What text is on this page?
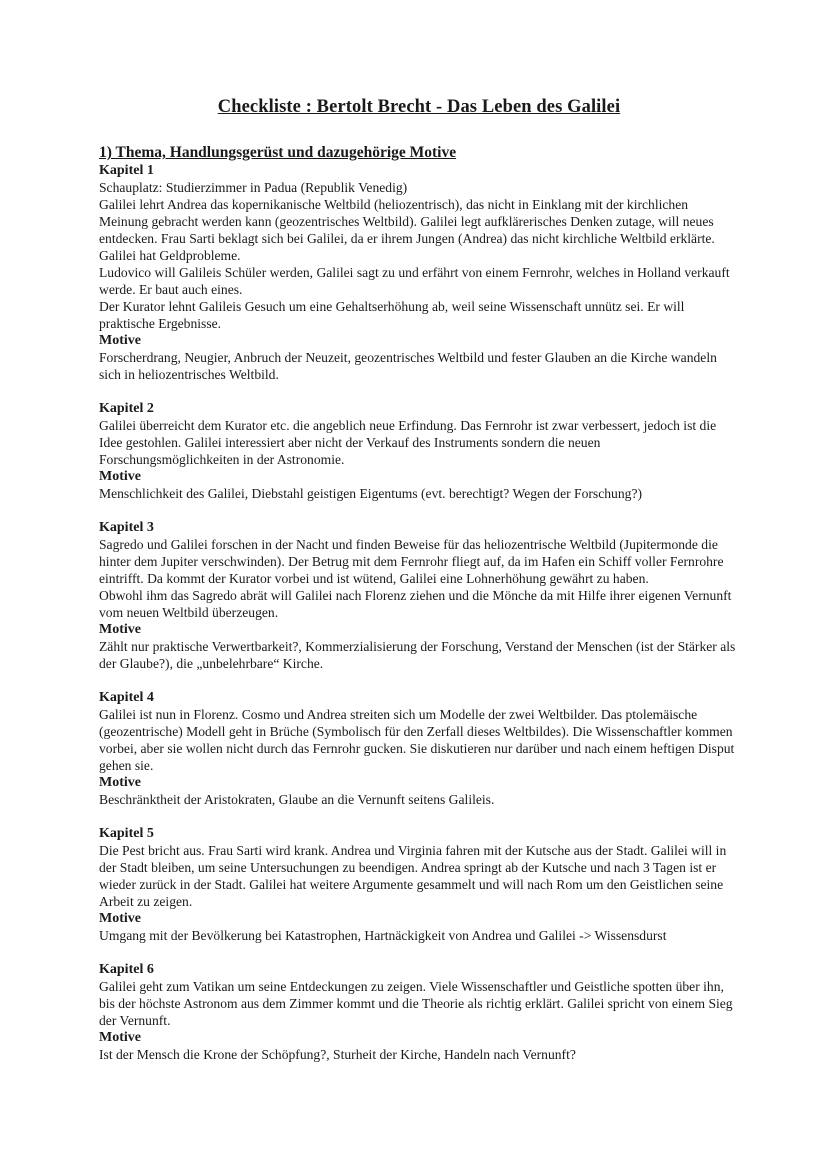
Checkliste : Bertolt Brecht - Das Leben des Galilei
1) Thema, Handlungsgerüst und dazugehörige Motive
Kapitel 1

Schauplatz: Studierzimmer in Padua (Republik Venedig)

Galilei lehrt Andrea das kopernikanische Weltbild (heliozentrisch), das nicht in Einklang mit der kirchlichen Meinung gebracht werden kann (geozentrisches Weltbild). Galilei legt aufklärerisches Denken zutage, will neues entdecken. Frau Sarti beklagt sich bei Galilei, da er ihrem Jungen (Andrea) das nicht kirchliche Weltbild erklärte. Galilei hat Geldprobleme.

Ludovico will Galileis Schüler werden, Galilei sagt zu und erfährt von einem Fernrohr, welches in Holland verkauft werde. Er baut auch eines.

Der Kurator lehnt Galileis Gesuch um eine Gehaltserhöhung ab, weil seine Wissenschaft unnütz sei. Er will praktische Ergebnisse.

Motive

Forscherdrang, Neugier, Anbruch der Neuzeit, geozentrisches Weltbild und fester Glauben an die Kirche wandeln sich in heliozentrisches Weltbild.

Kapitel 2

Galilei überreicht dem Kurator etc. die angeblich neue Erfindung. Das Fernrohr ist zwar verbessert, jedoch ist die Idee gestohlen. Galilei interessiert aber nicht der Verkauf des Instruments sondern die neuen Forschungsmöglichkeiten in der Astronomie.

Motive

Menschlichkeit des Galilei, Diebstahl geistigen Eigentums (evt. berechtigt? Wegen der Forschung?)

Kapitel 3

Sagredo und Galilei forschen in der Nacht und finden Beweise für das heliozentrische Weltbild (Jupitermonde die hinter dem Jupiter verschwinden). Der Betrug mit dem Fernrohr fliegt auf, da im Hafen ein Schiff voller Fernrohre eintrifft. Da kommt der Kurator vorbei und ist wütend, Galilei eine Lohnerhöhung gewährt zu haben.

Obwohl ihm das Sagredo abrät will Galilei nach Florenz ziehen und die Mönche da mit Hilfe ihrer eigenen Vernunft vom neuen Weltbild überzeugen.

Motive

Zählt nur praktische Verwertbarkeit?, Kommerzialisierung der Forschung, Verstand der Menschen (ist der Stärker als der Glaube?), die „unbelehrbare“ Kirche.

Kapitel 4

Galilei ist nun in Florenz. Cosmo und Andrea streiten sich um Modelle der zwei Weltbilder. Das ptolemäische (geozentrische) Modell geht in Brüche (Symbolisch für den Zerfall dieses Weltbildes). Die Wissenschaftler kommen vorbei, aber sie wollen nicht durch das Fernrohr gucken. Sie diskutieren nur darüber und nach einem heftigen Disput gehen sie.

Motive

Beschränktheit der Aristokraten, Glaube an die Vernunft seitens Galileis.

Kapitel 5

Die Pest bricht aus. Frau Sarti wird krank. Andrea und Virginia fahren mit der Kutsche aus der Stadt. Galilei will in der Stadt bleiben, um seine Untersuchungen zu beendigen. Andrea springt ab der Kutsche und nach 3 Tagen ist er wieder zurück in der Stadt. Galilei hat weitere Argumente gesammelt und will nach Rom um den Geistlichen seine Arbeit zu zeigen.

Motive

Umgang mit der Bevölkerung bei Katastrophen, Hartnäckigkeit von Andrea und Galilei -> Wissensdurst

Kapitel 6

Galilei geht zum Vatikan um seine Entdeckungen zu zeigen. Viele Wissenschaftler und Geistliche spotten über ihn, bis der höchste Astronom aus dem Zimmer kommt und die Theorie als richtig erklärt. Galilei spricht von einem Sieg der Vernunft.

Motive

Ist der Mensch die Krone der Schöpfung?, Sturheit der Kirche, Handeln nach Vernunft?
